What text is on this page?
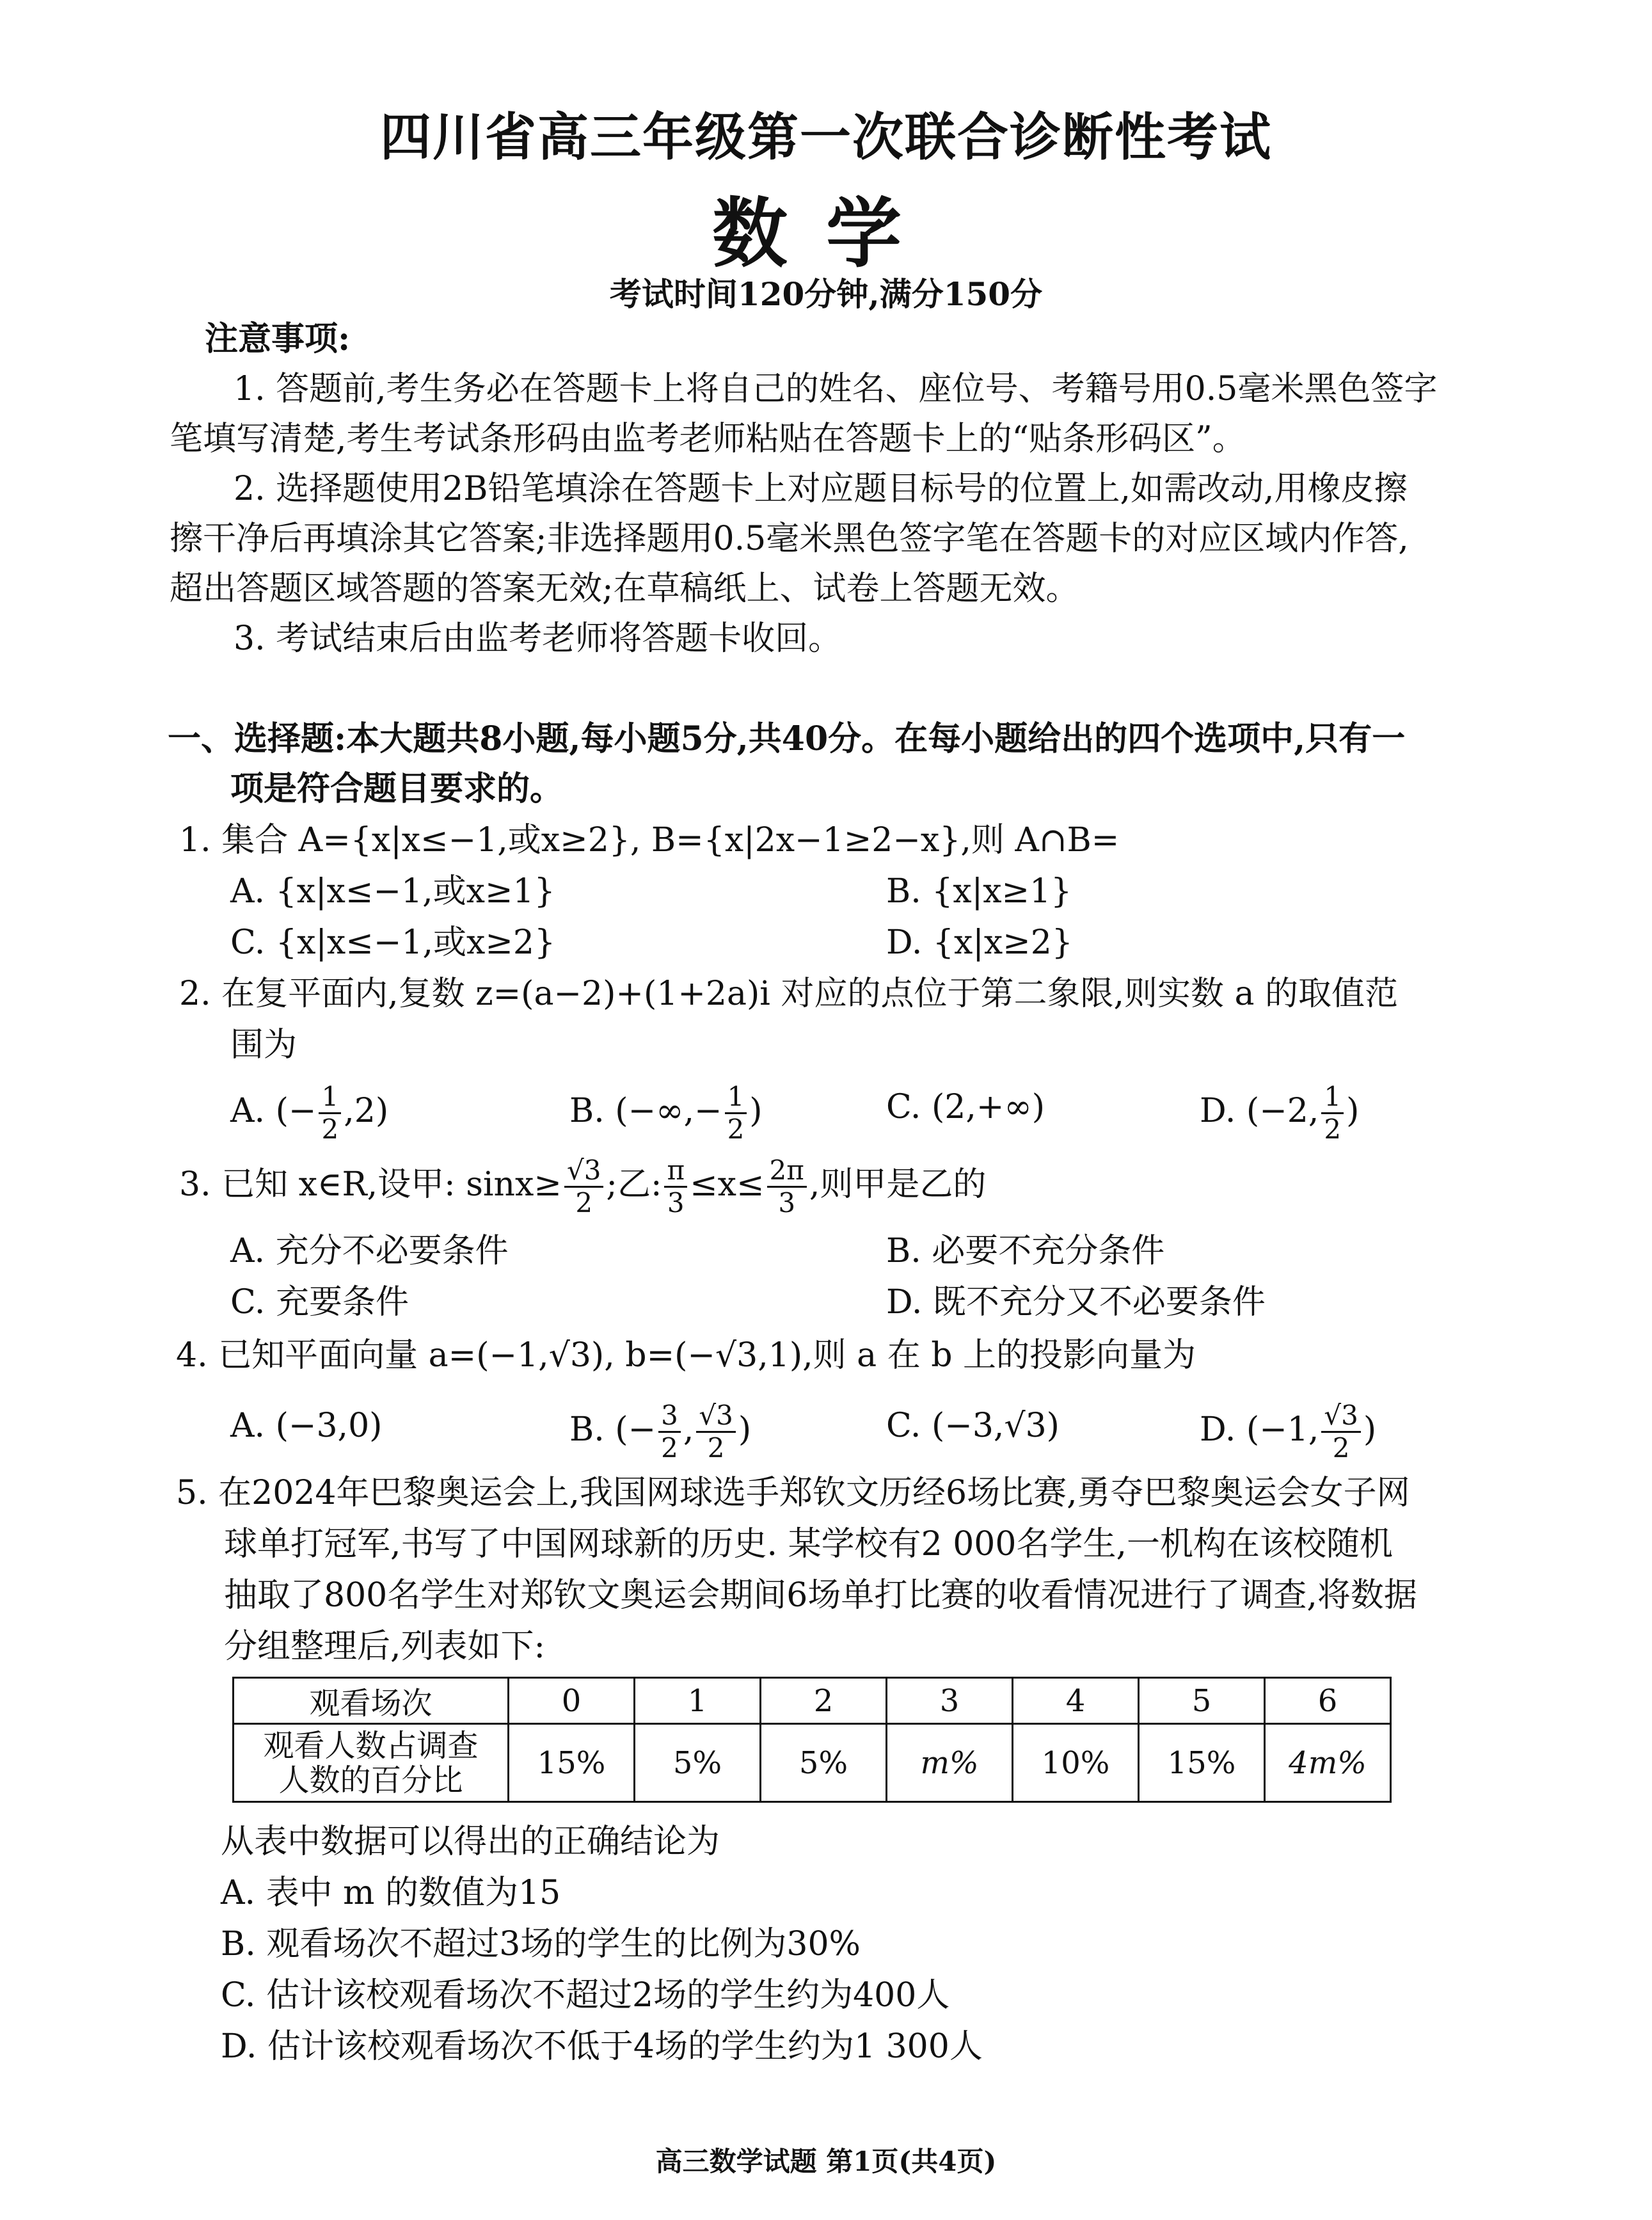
四川省高三年级第一次联合诊断性考试
数学
考试时间120分钟,满分150分
注意事项:
1. 答题前,考生务必在答题卡上将自己的姓名、座位号、考籍号用0.5毫米黑色签字
笔填写清楚,考生考试条形码由监考老师粘贴在答题卡上的“贴条形码区”。
2. 选择题使用2B铅笔填涂在答题卡上对应题目标号的位置上,如需改动,用橡皮擦
擦干净后再填涂其它答案;非选择题用0.5毫米黑色签字笔在答题卡的对应区域内作答,
超出答题区域答题的答案无效;在草稿纸上、试卷上答题无效。
3. 考试结束后由监考老师将答题卡收回。
一、选择题:本大题共8小题,每小题5分,共40分。在每小题给出的四个选项中,只有一
项是符合题目要求的。
1. 集合 A={x|x≤−1,或x≥2}, B={x|2x−1≥2−x},则 A∩B=
A. {x|x≤−1,或x≥1}	B. {x|x≥1}
C. {x|x≤−1,或x≥2}	D. {x|x≥2}
2. 在复平面内,复数 z=(a−2)+(1+2a)i 对应的点位于第二象限,则实数 a 的取值范
围为
A. (− $\frac{1}{2} ,2$)	B. (−∞,− $\frac{1}{2}$ )	C. (2,+∞)	D. (−2, $\frac{1}{2}$ )
3. 已知 x∈R,设甲: $\sin x\ge \frac{√3}{2}$ ;乙: $\frac{\pi}{3} \le x\le \frac{2\pi}{3}$ ,则甲是乙的
A. 充分不必要条件	B. 必要不充分条件
C. 充要条件	D. 既不充分又不必要条件
4. 已知平面向量 a=(−1,√3), b=(−√3,1),则 a 在 b 上的投影向量为
A. (−3,0)	B. (− $\frac{3}{2}$ , $\frac{√3}{2}$ )	C. (−3,√3)	D. (−1, $\frac{√3}{2}$ )
5. 在2024年巴黎奥运会上,我国网球选手郑钦文历经6场比赛,勇夺巴黎奥运会女子网
球单打冠军,书写了中国网球新的历史. 某学校有2 000名学生,一机构在该校随机
抽取了800名学生对郑钦文奥运会期间6场单打比赛的收看情况进行了调查,将数据
分组整理后,列表如下:
观看场次	0	1	2	3	4	5	6

观看人数占调查
人数的百分比	15%	5%	5%	m%	10%	15%	4m%
从表中数据可以得出的正确结论为
A. 表中 m 的数值为15
B. 观看场次不超过3场的学生的比例为30%
C. 估计该校观看场次不超过2场的学生约为400人
D. 估计该校观看场次不低于4场的学生约为1 300人
高三数学试题 第1页(共4页)
